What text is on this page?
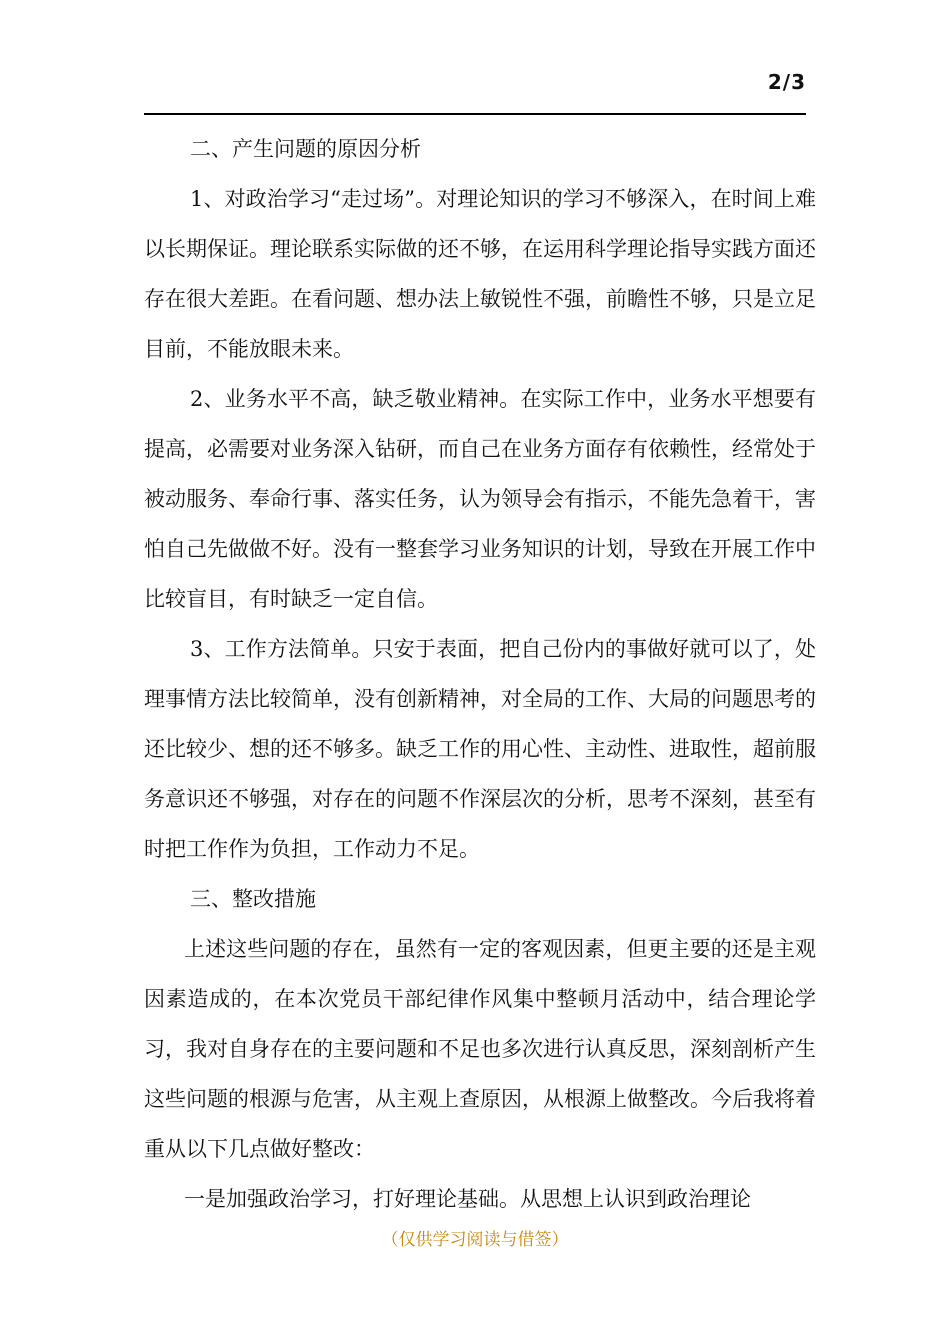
2/3

二、产生问题的原因分析

1、对政治学习“走过场”。对理论知识的学习不够深入，在时间上难以长期保证。理论联系实际做的还不够，在运用科学理论指导实践方面还存在很大差距。在看问题、想办法上敏锐性不强，前瞻性不够，只是立足目前，不能放眼未来。

2、业务水平不高，缺乏敬业精神。在实际工作中，业务水平想要有提高，必需要对业务深入钻研，而自己在业务方面存有依赖性，经常处于被动服务、奉命行事、落实任务，认为领导会有指示，不能先急着干，害怕自己先做做不好。没有一整套学习业务知识的计划，导致在开展工作中比较盲目，有时缺乏一定自信。

3、工作方法简单。只安于表面，把自己份内的事做好就可以了，处理事情方法比较简单，没有创新精神，对全局的工作、大局的问题思考的还比较少、想的还不够多。缺乏工作的用心性、主动性、进取性，超前服务意识还不够强，对存在的问题不作深层次的分析，思考不深刻，甚至有时把工作作为负担，工作动力不足。

三、整改措施

上述这些问题的存在，虽然有一定的客观因素，但更主要的还是主观因素造成的，在本次党员干部纪律作风集中整顿月活动中，结合理论学习，我对自身存在的主要问题和不足也多次进行认真反思，深刻剖析产生这些问题的根源与危害，从主观上查原因，从根源上做整改。今后我将着重从以下几点做好整改：

一是加强政治学习，打好理论基础。从思想上认识到政治理论

（仅供学习阅读与借签）
